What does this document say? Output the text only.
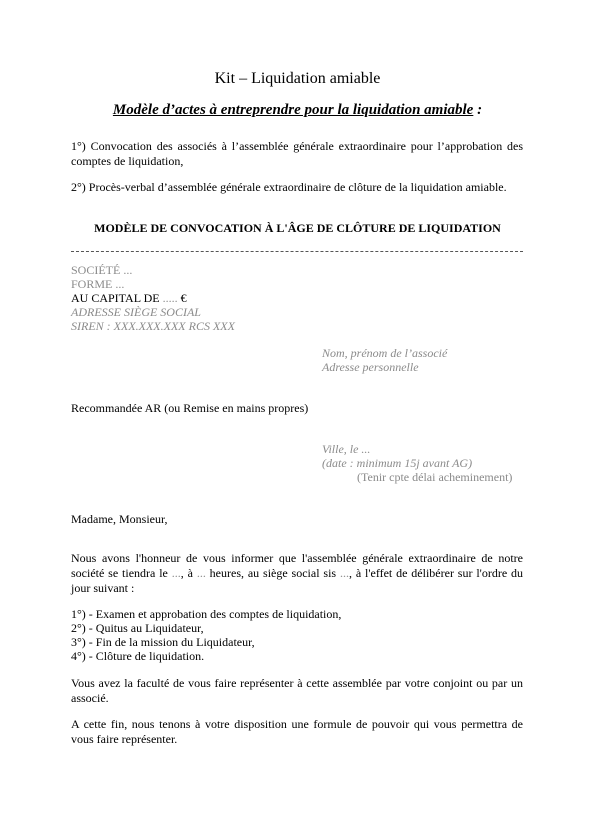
Kit – Liquidation amiable
Modèle d’actes à entreprendre pour la liquidation amiable :
1°) Convocation des associés à l’assemblée générale extraordinaire pour l’approbation des comptes de liquidation,
2°) Procès-verbal d’assemblée générale extraordinaire de clôture de la liquidation amiable.
MODÈLE DE CONVOCATION À L'ÂGE DE CLÔTURE DE LIQUIDATION
SOCIÉTÉ ...
FORME ...
AU CAPITAL DE ..... €
ADRESSE SIÈGE SOCIAL
SIREN : XXX.XXX.XXX RCS XXX
Nom, prénom de l’associé
Adresse personnelle
Recommandée AR (ou Remise en mains propres)
Ville, le ...
(date : minimum 15j avant AG)
(Tenir cpte délai acheminement)
Madame, Monsieur,
Nous avons l'honneur de vous informer que l'assemblée générale extraordinaire de notre société se tiendra le ..., à ... heures, au siège social sis ..., à l'effet de délibérer sur l'ordre du jour suivant :
1°) - Examen et approbation des comptes de liquidation,
2°) - Quitus au Liquidateur,
3°) - Fin de la mission du Liquidateur,
4°) - Clôture de liquidation.
Vous avez la faculté de vous faire représenter à cette assemblée par votre conjoint ou par un associé.
A cette fin, nous tenons à votre disposition une formule de pouvoir qui vous permettra de vous faire représenter.
